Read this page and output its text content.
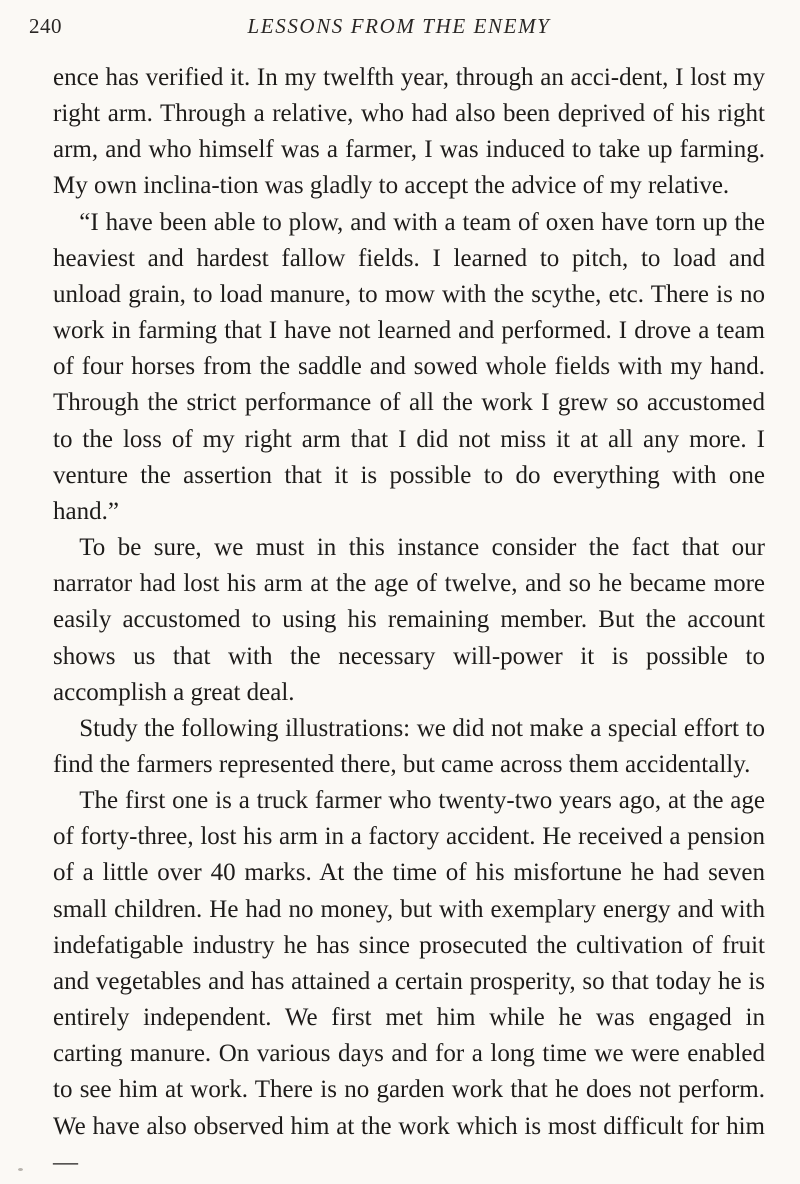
240	LESSONS FROM THE ENEMY

ence has verified it. In my twelfth year, through an acci-dent, I lost my right arm. Through a relative, who had also been deprived of his right arm, and who himself was a farmer, I was induced to take up farming. My own inclina-tion was gladly to accept the advice of my relative.

“I have been able to plow, and with a team of oxen have torn up the heaviest and hardest fallow fields. I learned to pitch, to load and unload grain, to load manure, to mow with the scythe, etc. There is no work in farming that I have not learned and performed. I drove a team of four horses from the saddle and sowed whole fields with my hand. Through the strict performance of all the work I grew so accustomed to the loss of my right arm that I did not miss it at all any more. I venture the assertion that it is possible to do everything with one hand.”

To be sure, we must in this instance consider the fact that our narrator had lost his arm at the age of twelve, and so he became more easily accustomed to using his remaining member. But the account shows us that with the necessary will-power it is possible to accomplish a great deal.

Study the following illustrations: we did not make a special effort to find the farmers represented there, but came across them accidentally.

The first one is a truck farmer who twenty-two years ago, at the age of forty-three, lost his arm in a factory accident. He received a pension of a little over 40 marks. At the time of his misfortune he had seven small children. He had no money, but with exemplary energy and with indefatigable industry he has since prosecuted the cultivation of fruit and vegetables and has attained a certain prosperity, so that today he is entirely independent. We first met him while he was engaged in carting manure. On various days and for a long time we were enabled to see him at work. There is no garden work that he does not perform. We have also observed him at the work which is most difficult for him—
